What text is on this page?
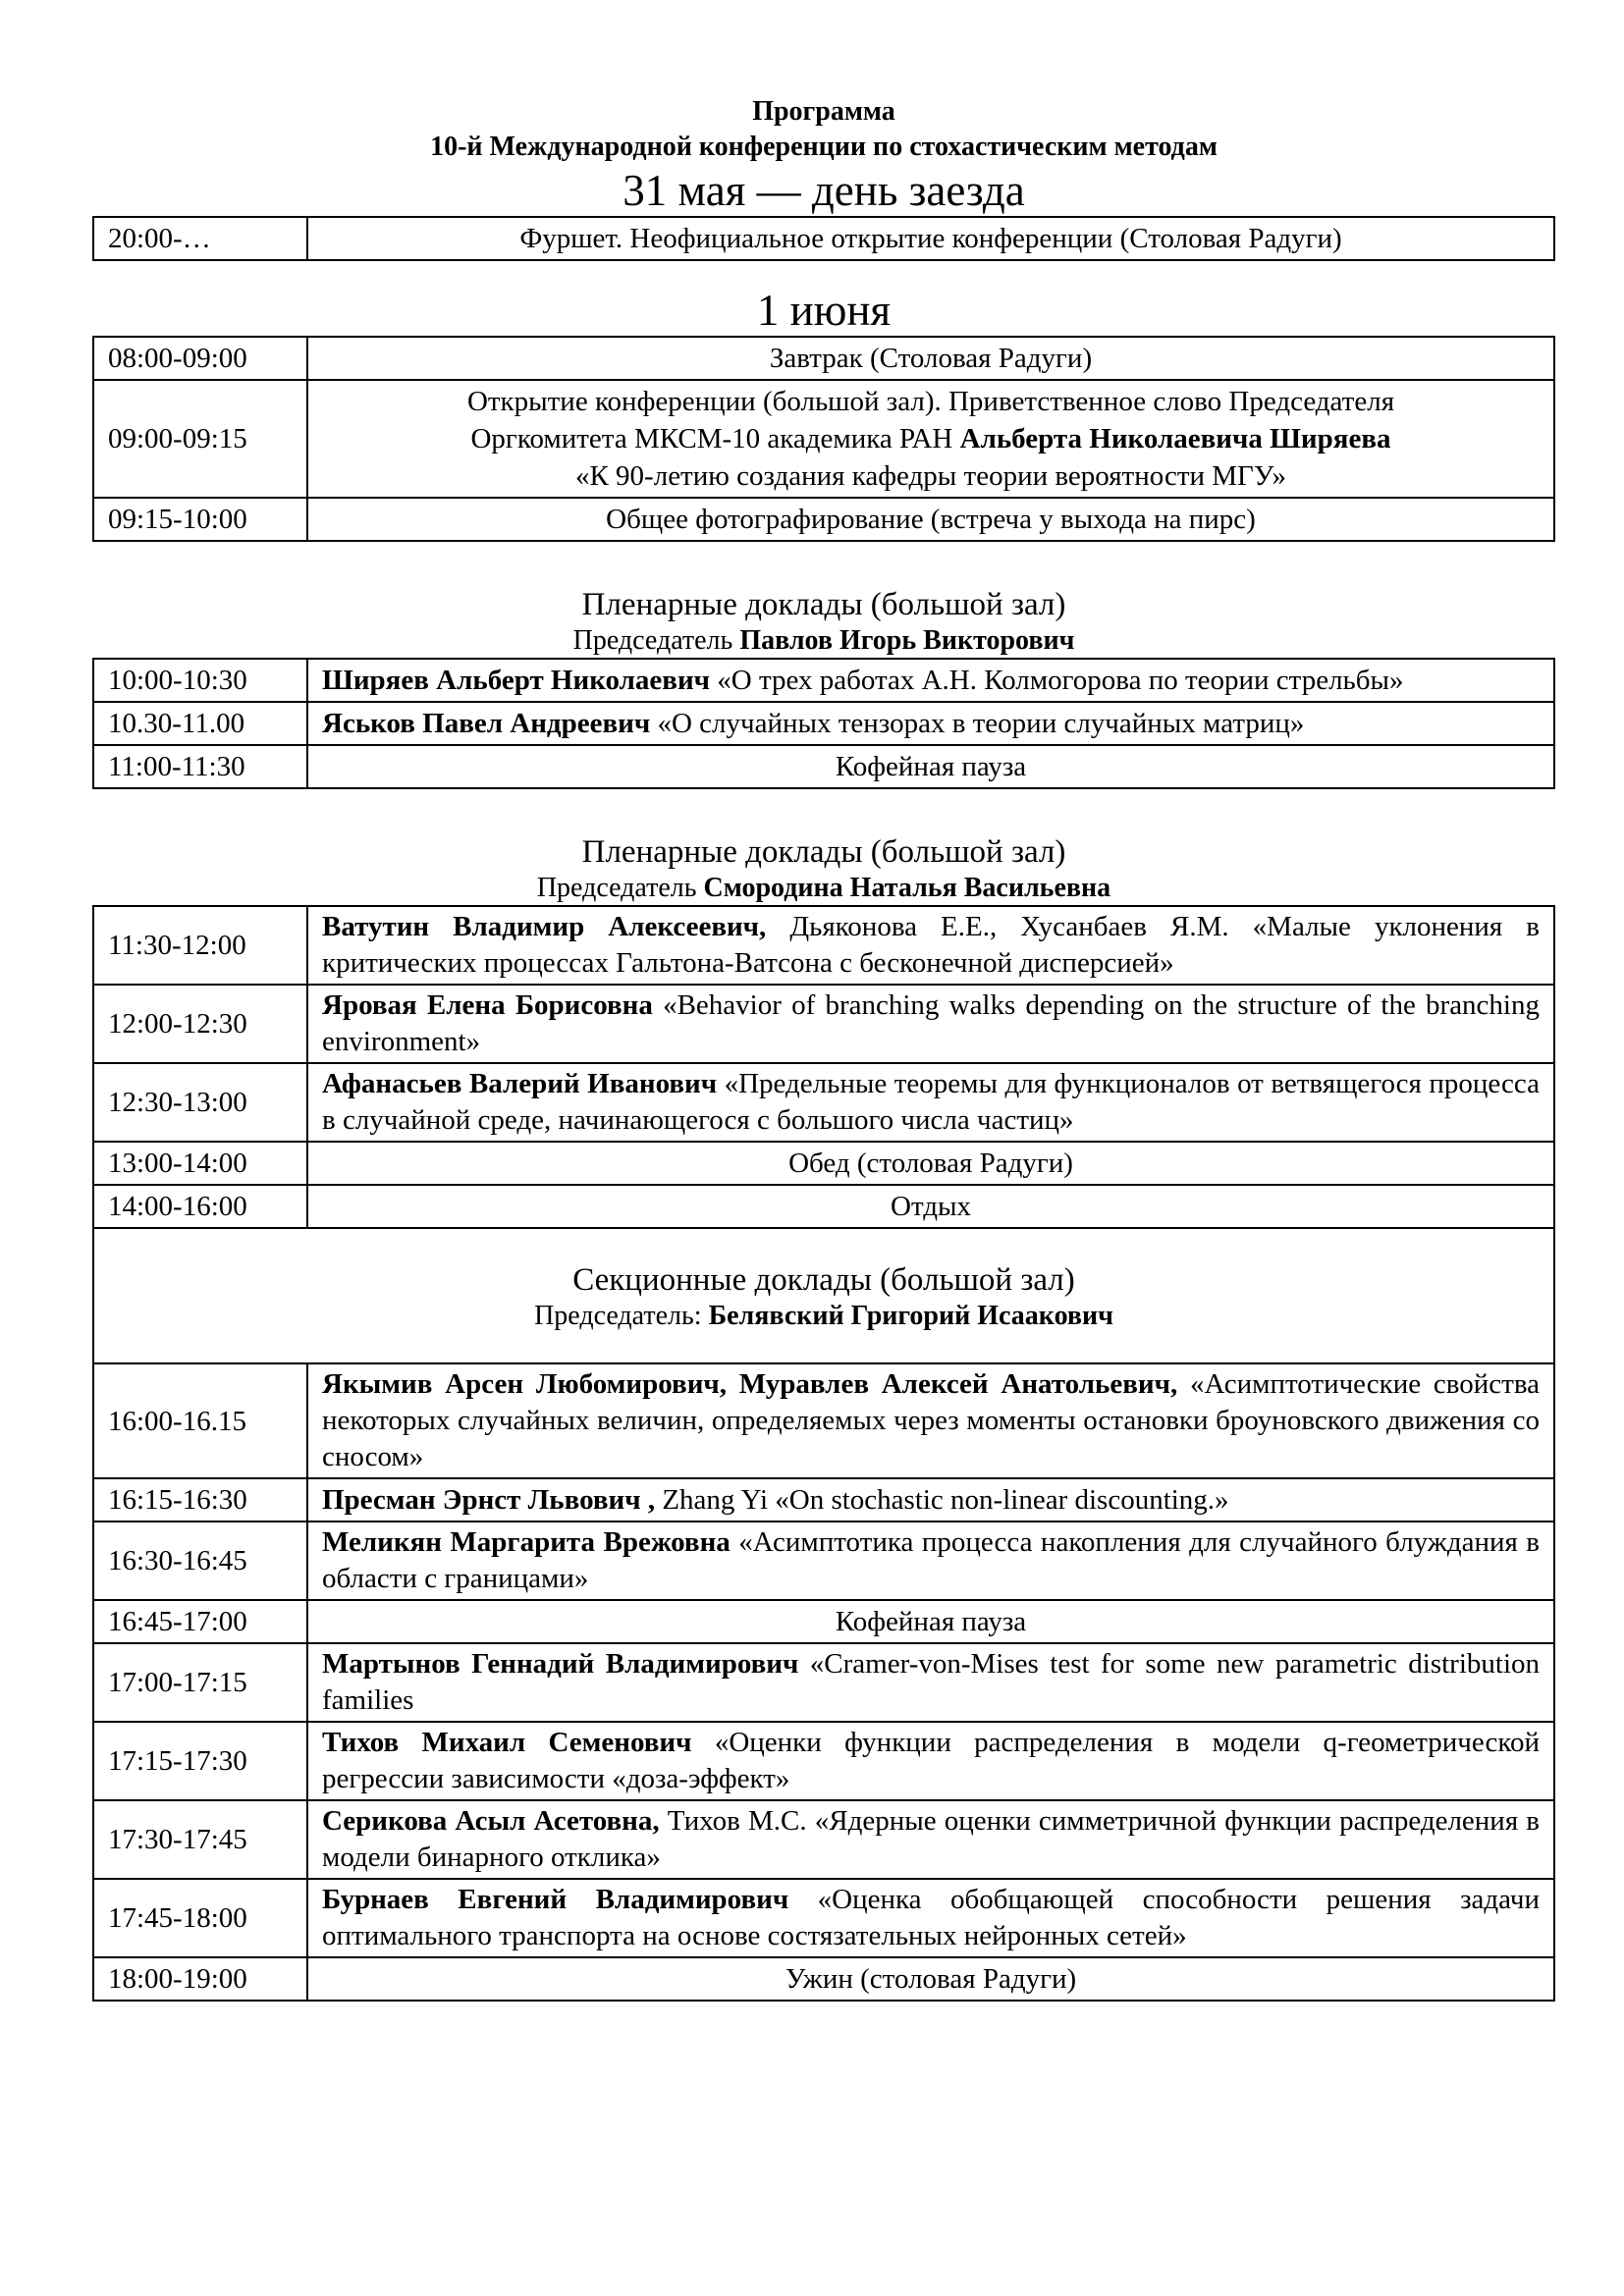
Программа
10-й Международной конференции по стохастическим методам
31 мая — день заезда
20:00-…	Фуршет. Неофициальное открытие конференции (Столовая Радуги)
1 июня
08:00-09:00	Завтрак (Столовая Радуги)
09:00-09:15	Открытие конференции (большой зал). Приветственное слово Председателя
Оргкомитета МКСМ-10 академика РАН Альберта Николаевича Ширяева
«К 90-летию создания кафедры теории вероятности МГУ»

09:15-10:00	Общее фотографирование (встреча у выхода на пирс)
Пленарные доклады (большой зал)
Председатель Павлов Игорь Викторович
10:00-10:30	Ширяев Альберт Николаевич «О трех работах А.Н. Колмогорова по теории стрельбы»
10.30-11.00	Яськов Павел Андреевич «О случайных тензорах в теории случайных матриц»
11:00-11:30	Кофейная пауза
Пленарные доклады (большой зал)
Председатель Смородина Наталья Васильевна
11:30-12:00	Ватутин Владимир Алексеевич, Дьяконова Е.Е., Хусанбаев Я.М. «Малые уклонения в критических процессах Гальтона-Ватсона с бесконечной дисперсией»
12:00-12:30	Яровая Елена Борисовна «Behavior of branching walks depending on the structure of the branching environment»
12:30-13:00	Афанасьев Валерий Иванович «Предельные теоремы для функционалов от ветвящегося процесса в случайной среде, начинающегося с большого числа частиц»
13:00-14:00	Обед (столовая Радуги)
14:00-16:00	Отдых

Секционные доклады (большой зал)
Председатель: Белявский Григорий Исаакович	

16:00-16.15	Якымив Арсен Любомирович, Муравлев Алексей Анатольевич, «Асимптотические свойства некоторых случайных величин, определяемых через моменты остановки броуновского движения со сносом»
16:15-16:30	Пресман Эрнст Львович , Zhang Yi «On stochastic non-linear discounting.»
16:30-16:45	Меликян Маргарита Врежовна «Асимптотика процесса накопления для случайного блуждания в области с границами»
16:45-17:00	Кофейная пауза
17:00-17:15	Мартынов Геннадий Владимирович «Cramer-von-Mises test for some new parametric distribution families
17:15-17:30	Тихов Михаил Семенович «Оценки функции распределения в модели q-геометрической регрессии зависимости «доза-эффект»
17:30-17:45	Серикова Асыл Асетовна, Тихов М.С. «Ядерные оценки симметричной функции распределения в модели бинарного отклика»
17:45-18:00	Бурнаев Евгений Владимирович «Оценка обобщающей способности решения задачи оптимального транспорта на основе состязательных нейронных сетей»
18:00-19:00	Ужин (столовая Радуги)
